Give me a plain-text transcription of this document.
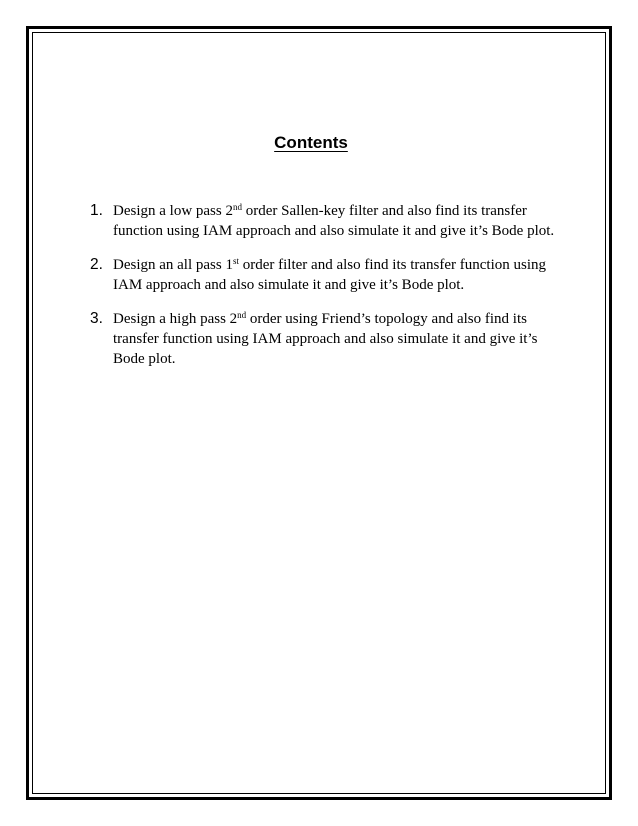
Contents
1. Design a low pass 2nd order Sallen-key filter and also find its transfer function using IAM approach and also simulate it and give it’s Bode plot.
2. Design an all pass 1st order filter and also find its transfer function using IAM approach and also simulate it and give it’s Bode plot.
3. Design a high pass 2nd order using Friend’s topology and also find its transfer function using IAM approach and also simulate it and give it’s Bode plot.
